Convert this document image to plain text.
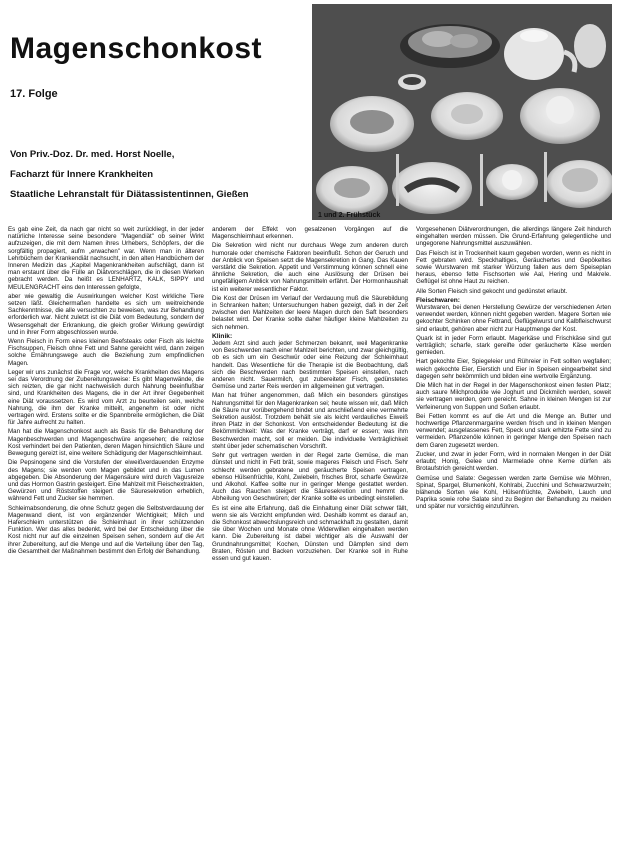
Magenschonkost
17. Folge
Von Priv.-Doz. Dr. med. Horst Noelle,
Facharzt für Innere Krankheiten
Staatliche Lehranstalt für Diätassistentinnen, Gießen
1 und 2. Frühstück

Es gab eine Zeit, da nach gar nicht so weit zurückliegt, in der jeder natürliche Interesse seine besondere "Magendiät" ob seiner Wirkt aufzuzeigen, die mit dem Namen ihres Urhebers, Schöpfers, der die sorgfältig propagiert, aufm „erwachen" war. Wenn man in älteren Lehrbüchern der Krankendiät nachsucht, in den alten Handbüchern der Inneren Medizin das „Kapitel Magenkrankheiten aufschlägt, dann ist man erstaunt über die Fülle an Diätvorschlägen, die in diesen Werken gebracht werden. Da heißt es LENHARTZ, KALK, SIPPY und MEULENGRACHT eins den Interessen gefolgte,

aber wie gewaltig die Auswirkungen welcher Kost wirkliche Tiere setzen läßt. Gleichermaßen handelte es sich um weitreichende Sachkenntnisse, die alle versuchten zu beweisen, was zur Behandlung erforderlich war. Nicht zuletzt ist die Diät vom Bedeutung, sondern der Wesensgehalt der Erkrankung, die gleich großer Wirkung gewürdigt und in ihrer Form abgeschlossen wurde.

Wenn Fleisch in Form eines kleinen Beefsteaks oder Fisch als leichte Fischsuppen, Fleisch ohne Fett und Sahne gereicht wird, dann zeigen solche Ernährungswege auch die Beziehung zum empfindlichen Magen.

Leger wir uns zunächst die Frage vor, welche Krankheiten des Magens sei das Verordnung der Zubereitungsweise: Es gibt Magenwände, die sich reizten, die gar nicht nachweislich durch Nahrung beeinflußbar sind, und Krankheiten des Magens, die in der Art ihrer Gegebenheit eine Diät voraussetzen. Es wird vom Arzt zu beurteilen sein, welche Nahrung, die ihm der Kranke mitteilt, angenehm ist oder nicht vertragen wird. Erstens sollte er die Spannbreite ermöglichen, die Diät für Jahre aufrecht zu halten.

Man hat die Magenschonkost auch als Basis für die Behandlung der Magenbeschwerden und Magengeschwüre angesehen; die reizlose Kost verhindert bei den Patienten, deren Magen hinsichtlich Säure und Bewegung gereizt ist, eine weitere Schädigung der Magenschleimhaut.

Die Pepsinogene sind die Vorstufen der eiweißverdauenden Enzyme des Magens; sie werden vom Magen gebildet und in das Lumen abgegeben. Die Absonderung der Magensäure wird durch Vagusreize und das Hormon Gastrin gesteigert. Eine Mahlzeit mit Fleischextrakten, Gewürzen und Röststoffen steigert die Säuresekretion erheblich, während Fett und Zucker sie hemmen.

Schleimabsonderung, die ohne Schutz gegen die Selbstverdauung der Magenwand dient, ist von ergänzender Wichtigkeit; Milch und Haferschleim unterstützen die Schleimhaut in ihrer schützenden Funktion. Wer das alles bedenkt, wird bei der Entscheidung über die Kost nicht nur auf die einzelnen Speisen sehen, sondern auf die Art ihrer Zubereitung, auf die Menge und auf die Verteilung über den Tag, die Gesamtheit der Maßnahmen bestimmt den Erfolg der Behandlung.

anderem der Effekt von gesalzenen Vorgängen auf die Magenschleimhaut erkennen.

Die Sekretion wird nicht nur durchaus Wege zum anderen durch humorale oder chemische Faktoren beeinflußt. Schon der Geruch und der Anblick von Speisen setzt die Magensekretion in Gang. Das Kauen verstärkt die Sekretion. Appetit und Verstimmung können schnell eine ähnliche Sekretion, die auch eine Auslösung der Drüsen bei ungefälligem Anblick von Nahrungsmitteln erfährt. Der Hormonhaushalt ist ein weiterer wesentlicher Faktor.

Die Kost der Drüsen im Verlauf der Verdauung muß die Säurebildung in Schranken halten; Untersuchungen haben gezeigt, daß in der Zeit zwischen den Mahlzeiten der leere Magen durch den Saft besonders belastet wird. Der Kranke sollte daher häufiger kleine Mahlzeiten zu sich nehmen.

Klinik:

Jedem Arzt sind auch jeder Schmerzen bekannt, weil Magenkranke von Beschwerden nach einer Mahlzeit berichten, und zwar gleichgültig, ob es sich um ein Geschwür oder eine Reizung der Schleimhaut handelt. Das Wesentliche für die Therapie ist die Beobachtung, daß sich die Beschwerden nach bestimmten Speisen einstellen, nach anderen nicht. Sauermilch, gut zubereiteter Fisch, gedünstetes Gemüse und zarter Reis werden im allgemeinen gut vertragen.

Man hat früher angenommen, daß Milch ein besonders günstiges Nahrungsmittel für den Magenkranken sei; heute wissen wir, daß Milch die Säure nur vorübergehend bindet und anschließend eine vermehrte Sekretion auslöst. Trotzdem behält sie als leicht verdauliches Eiweiß ihren Platz in der Schonkost. Von entscheidender Bedeutung ist die Bekömmlichkeit: Was der Kranke verträgt, darf er essen; was ihm Beschwerden macht, soll er meiden. Die individuelle Verträglichkeit steht über jeder schematischen Vorschrift.

Sehr gut vertragen werden in der Regel zarte Gemüse, die man dünstet und nicht in Fett brät, sowie mageres Fleisch und Fisch. Sehr schlecht werden gebratene und geräucherte Speisen vertragen, ebenso Hülsenfrüchte, Kohl, Zwiebeln, frisches Brot, scharfe Gewürze und Alkohol. Kaffee sollte nur in geringer Menge gestattet werden. Auch das Rauchen steigert die Säuresekretion und hemmt die Abheilung von Geschwüren; der Kranke sollte es unbedingt einstellen.

Es ist eine alte Erfahrung, daß die Einhaltung einer Diät schwer fällt, wenn sie als Verzicht empfunden wird. Deshalb kommt es darauf an, die Schonkost abwechslungsreich und schmackhaft zu gestalten, damit sie über Wochen und Monate ohne Widerwillen eingehalten werden kann. Die Zubereitung ist dabei wichtiger als die Auswahl der Grundnahrungsmittel; Kochen, Dünsten und Dämpfen sind dem Braten, Rösten und Backen vorzuziehen. Der Kranke soll in Ruhe essen und gut kauen.

Vorgesehenen Diätverordnungen, die allerdings längere Zeit hindurch eingehalten werden müssen. Die Grund-Erfahrung gelegentliche und ungegorene Nahrungsmittel auszuwählen.

Das Fleisch ist in Trockenheit kaum gegeben worden, wenn es nicht in Fett gebraten wird. Speckhaltiges, Geräuchertes und Gepökeltes sowie Wurstwaren mit starker Würzung fallen aus dem Speiseplan heraus, ebenso fette Fischsorten wie Aal, Hering und Makrele. Geflügel ist ohne Haut zu reichen.

Alle Sorten Fleisch sind gekocht und gedünstet erlaubt.

Fleischwaren:

Wurstwaren, bei denen Herstellung Gewürze der verschiedenen Arten verwendet werden, können nicht gegeben werden. Magere Sorten wie gekochter Schinken ohne Fettrand, Geflügelwurst und Kalbfleischwurst sind erlaubt, gehören aber nicht zur Hauptmenge der Kost.

Quark ist in jeder Form erlaubt. Magerkäse und Frischkäse sind gut verträglich; scharfe, stark gereifte oder geräucherte Käse werden gemieden.

Hart gekochte Eier, Spiegeleier und Rühreier in Fett sollten wegfallen; weich gekochte Eier, Eierstich und Eier in Speisen eingearbeitet sind dagegen sehr bekömmlich und bilden eine wertvolle Ergänzung.

Die Milch hat in der Regel in der Magenschonkost einen festen Platz; auch saure Milchprodukte wie Joghurt und Dickmilch werden, soweit sie vertragen werden, gern gereicht. Sahne in kleinen Mengen ist zur Verfeinerung von Suppen und Soßen erlaubt.

Bei Fetten kommt es auf die Art und die Menge an. Butter und hochwertige Pflanzenmargarine werden frisch und in kleinen Mengen verwendet; ausgelassenes Fett, Speck und stark erhitzte Fette sind zu vermeiden. Pflanzenöle können in geringer Menge den Speisen nach dem Garen zugesetzt werden.

Zucker, und zwar in jeder Form, wird in normalen Mengen in der Diät erlaubt; Honig, Gelee und Marmelade ohne Kerne dürfen als Brotaufstrich gereicht werden.

Gemüse und Salate: Gegessen werden zarte Gemüse wie Möhren, Spinat, Spargel, Blumenkohl, Kohlrabi, Zucchini und Schwarzwurzeln; blähende Sorten wie Kohl, Hülsenfrüchte, Zwiebeln, Lauch und Paprika sowie rohe Salate sind zu Beginn der Behandlung zu meiden und später nur vorsichtig einzuführen.
